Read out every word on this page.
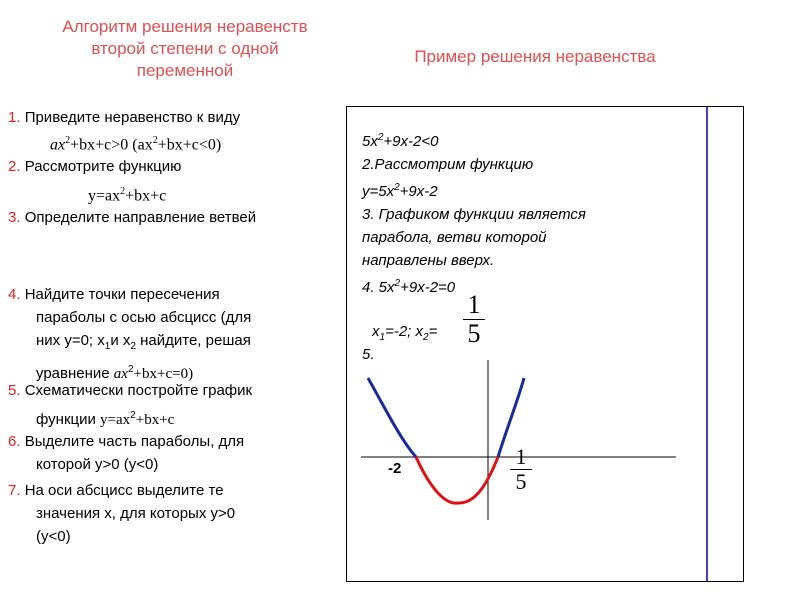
Алгоритм решения неравенств
второй степени с одной
переменной
Пример решения неравенства
1. Приведите неравенство к виду
$ax^2+bx+c>0$ $(ax^2+bx+c<0)$
2. Рассмотрите функцию
$y=ax^2+bx+c$
3. Определите направление ветвей
4. Найдите точки пересечения
параболы с осью абсцисс (для
них у=0; $х_1и$ $х_2$ найдите, решая
уравнение $ax^2+bx+c=0$)
5. Схематически постройте график
функции $y=ax^2+bx+c$
6. Выделите часть параболы, для
которой у>0 (у<0)
7. На оси абсцисс выделите те
значения х, для которых у>0
(у<0)
$5x^2+9x-2<0$
2.Рассмотрим функцию
$y=5x^2+9x-2$
3. Графиком функции является
парабола, ветви которой
направлены вверх.
4. $5x^2+9x-2=0$
$x_1=-2$; $x_2=$
1
5
5.
-2	1
5
